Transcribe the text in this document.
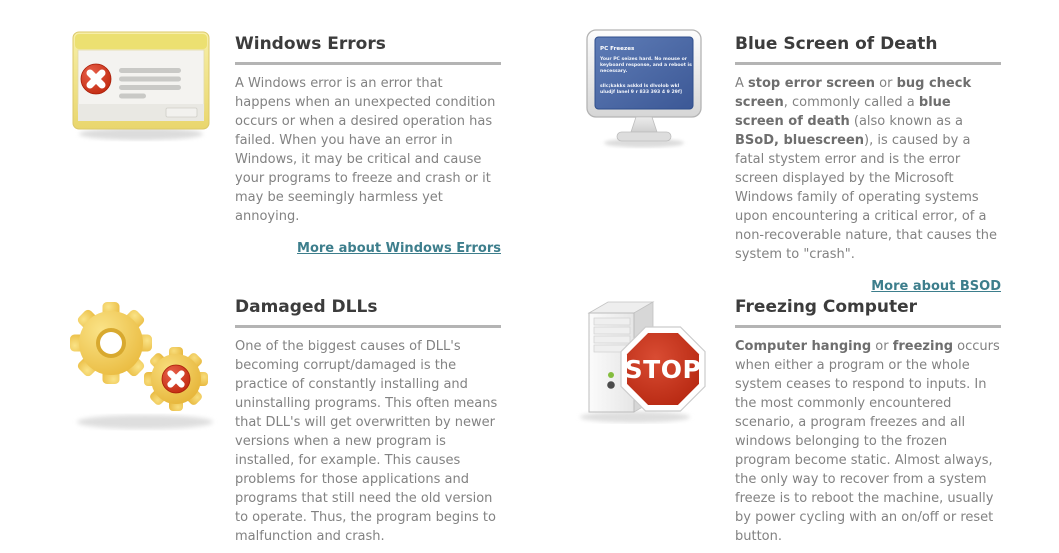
Windows Errors

A Windows error is an error that happens when an unexpected condition occurs or when a desired operation has failed. When you have an error in Windows, it may be critical and cause your programs to freeze and crash or it may be seemingly harmless yet annoying.

More about Windows Errors
PC Freezes
Your PC seizes hard. No mouse or
keyboard response, and a reboot is
necessary.
sllc;kakks askkd ls dlvolob wkl
uludjf lanel 9 r 833 393 4 9 29f]
Blue Screen of Death

A stop error screen or bug check screen, commonly called a blue screen of death (also known as a BSoD, bluescreen), is caused by a fatal stystem error and is the error screen displayed by the Microsoft Windows family of operating systems upon encountering a critical error, of a non-recoverable nature, that causes the system to "crash".

More about BSOD
Damaged DLLs

One of the biggest causes of DLL's becoming corrupt/damaged is the practice of constantly installing and uninstalling programs. This often means that DLL's will get overwritten by newer versions when a new program is installed, for example. This causes problems for those applications and programs that still need the old version to operate. Thus, the program begins to malfunction and crash.

STOP
Freezing Computer

Computer hanging or freezing occurs when either a program or the whole system ceases to respond to inputs. In the most commonly encountered scenario, a program freezes and all windows belonging to the frozen program become static. Almost always, the only way to recover from a system freeze is to reboot the machine, usually by power cycling with an on/off or reset button.
